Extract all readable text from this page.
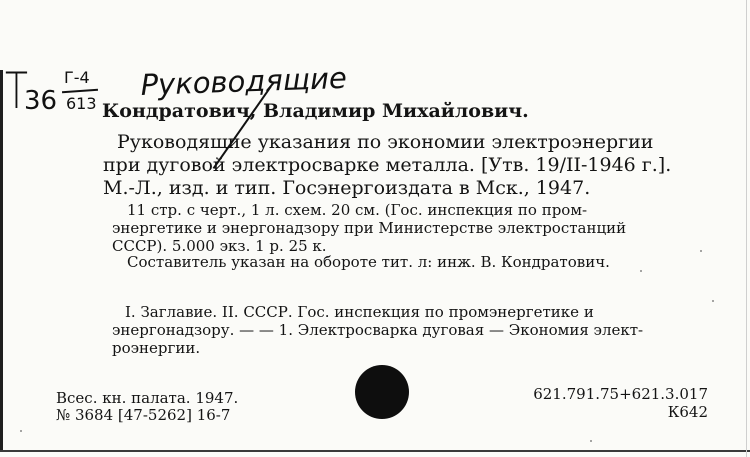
T
36
Г-4
613
Руководящие
Кондратович, Владимир Михайлович.
Руководящие указания по экономии электроэнергии
при дуговой электросварке металла. [Утв. 19/II-1946 г.].
М.-Л., изд. и тип. Госэнергоиздата в Мск., 1947.
11 стр. с черт., 1 л. схем. 20 см. (Гос. инспекция по пром-
энергетике и энергонадзору при Министерстве электростанций
СССР). 5.000 экз. 1 р. 25 к.
Составитель указан на обороте тит. л: инж. В. Кондратович.
I. Заглавие. II. СССР. Гос. инспекция по промэнергетике и
энергонадзору. — — 1. Электросварка дуговая — Экономия элект-
роэнергии.
Всес. кн. палата. 1947.
№ 3684 [47-5262] 16-7
621.791.75+621.3.017
К642
